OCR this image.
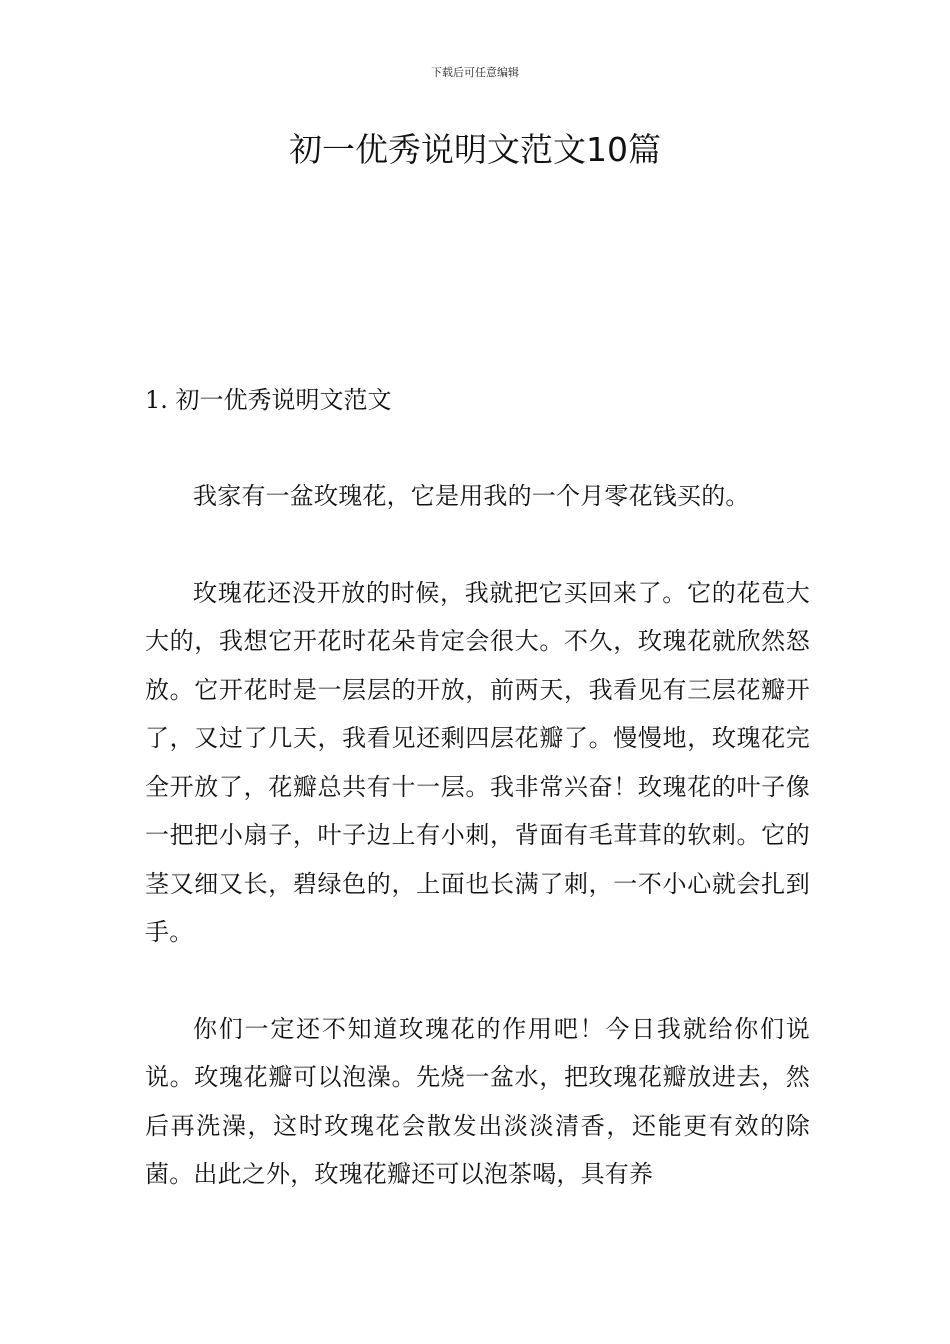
下载后可任意编辑
初一优秀说明文范文10篇
1. 初一优秀说明文范文

我家有一盆玫瑰花，它是用我的一个月零花钱买的。

玫瑰花还没开放的时候，我就把它买回来了。它的花苞大大的，我想它开花时花朵肯定会很大。不久，玫瑰花就欣然怒放。它开花时是一层层的开放，前两天，我看见有三层花瓣开了，又过了几天，我看见还剩四层花瓣了。慢慢地，玫瑰花完全开放了，花瓣总共有十一层。我非常兴奋！玫瑰花的叶子像一把把小扇子，叶子边上有小刺，背面有毛茸茸的软刺。它的茎又细又长，碧绿色的，上面也长满了刺，一不小心就会扎到手。

你们一定还不知道玫瑰花的作用吧！今日我就给你们说说。玫瑰花瓣可以泡澡。先烧一盆水，把玫瑰花瓣放进去，然后再洗澡，这时玫瑰花会散发出淡淡清香，还能更有效的除菌。出此之外，玫瑰花瓣还可以泡茶喝，具有养
